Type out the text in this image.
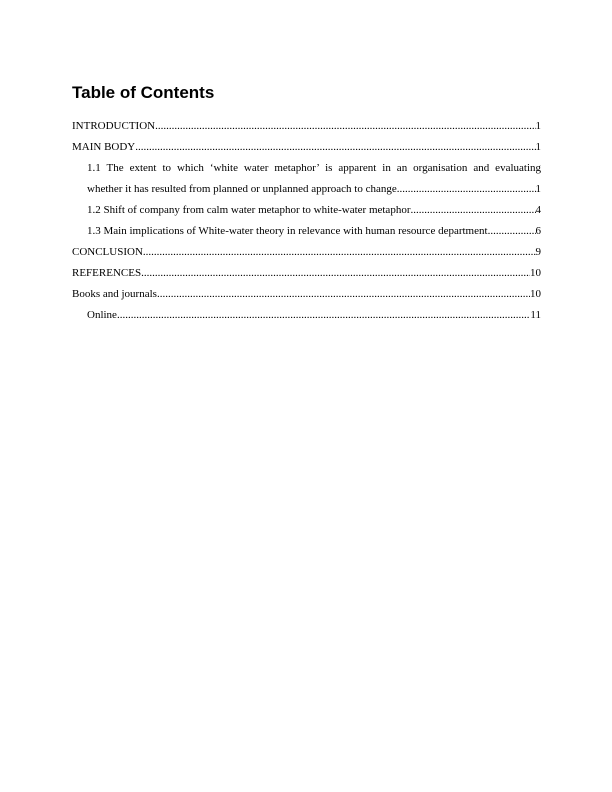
Table of Contents
INTRODUCTION .....	1
MAIN BODY .....	1
1.1 The extent to which ‘white water metaphor’ is apparent in an organisation and evaluating
whether it has resulted from planned or unplanned approach to change .....	1
1.2 Shift of company from calm water metaphor to white-water metaphor .....	4
1.3 Main implications of White-water theory in relevance with human resource department .....	6
CONCLUSION .....	9
REFERENCES .....	10
Books and journals .....	10
Online .....	11
